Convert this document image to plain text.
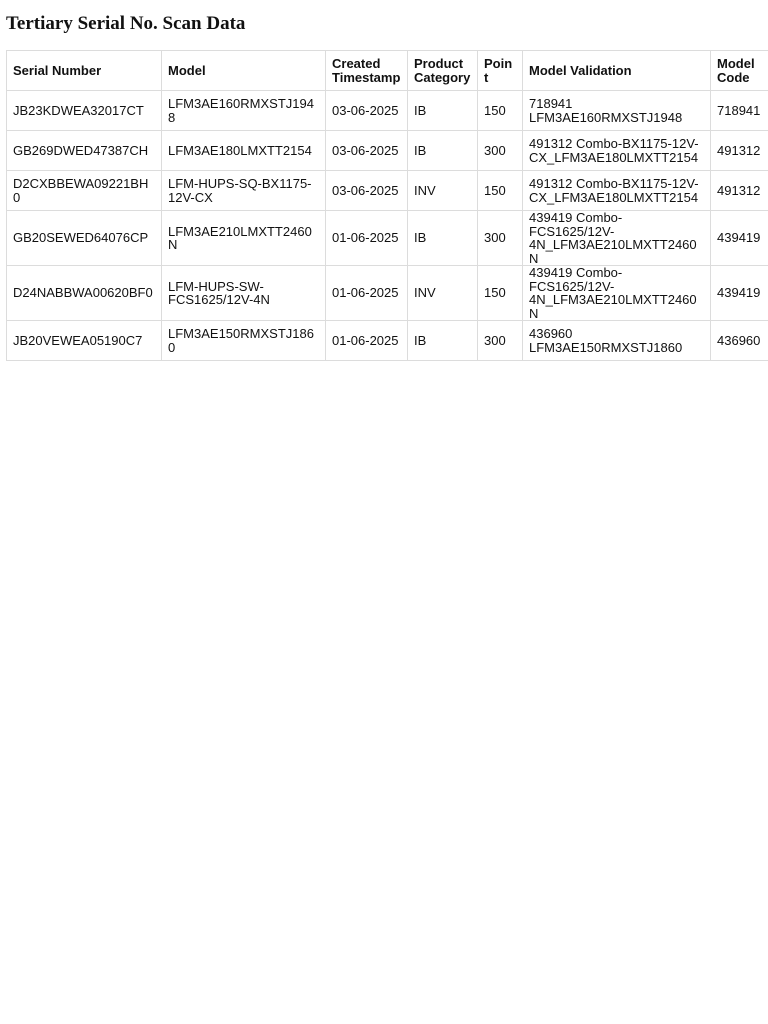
Tertiary Serial No. Scan Data
Serial Number	Model	Created Timestamp	Product Category	Point	Model Validation	Model Code
JB23KDWEA32017CT	LFM3AE160RMXSTJ1948	03-06-2025	IB	150	718941 LFM3AE160RMXSTJ1948	718941
GB269DWED47387CH	LFM3AE180LMXTT2154	03-06-2025	IB	300	491312 Combo-BX1175-12V-CX_LFM3AE180LMXTT2154	491312
D2CXBBEWA09221BH0	LFM-HUPS-SQ-BX1175-12V-CX	03-06-2025	INV	150	491312 Combo-BX1175-12V-CX_LFM3AE180LMXTT2154	491312
GB20SEWED64076CP	LFM3AE210LMXTT2460N	01-06-2025	IB	300	439419 Combo-FCS1625/12V-4N_LFM3AE210LMXTT2460N	439419
D24NABBWA00620BF0	LFM-HUPS-SW-FCS1625/12V-4N	01-06-2025	INV	150	439419 Combo-FCS1625/12V-4N_LFM3AE210LMXTT2460N	439419
JB20VEWEA05190C7	LFM3AE150RMXSTJ1860	01-06-2025	IB	300	436960 LFM3AE150RMXSTJ1860	436960
